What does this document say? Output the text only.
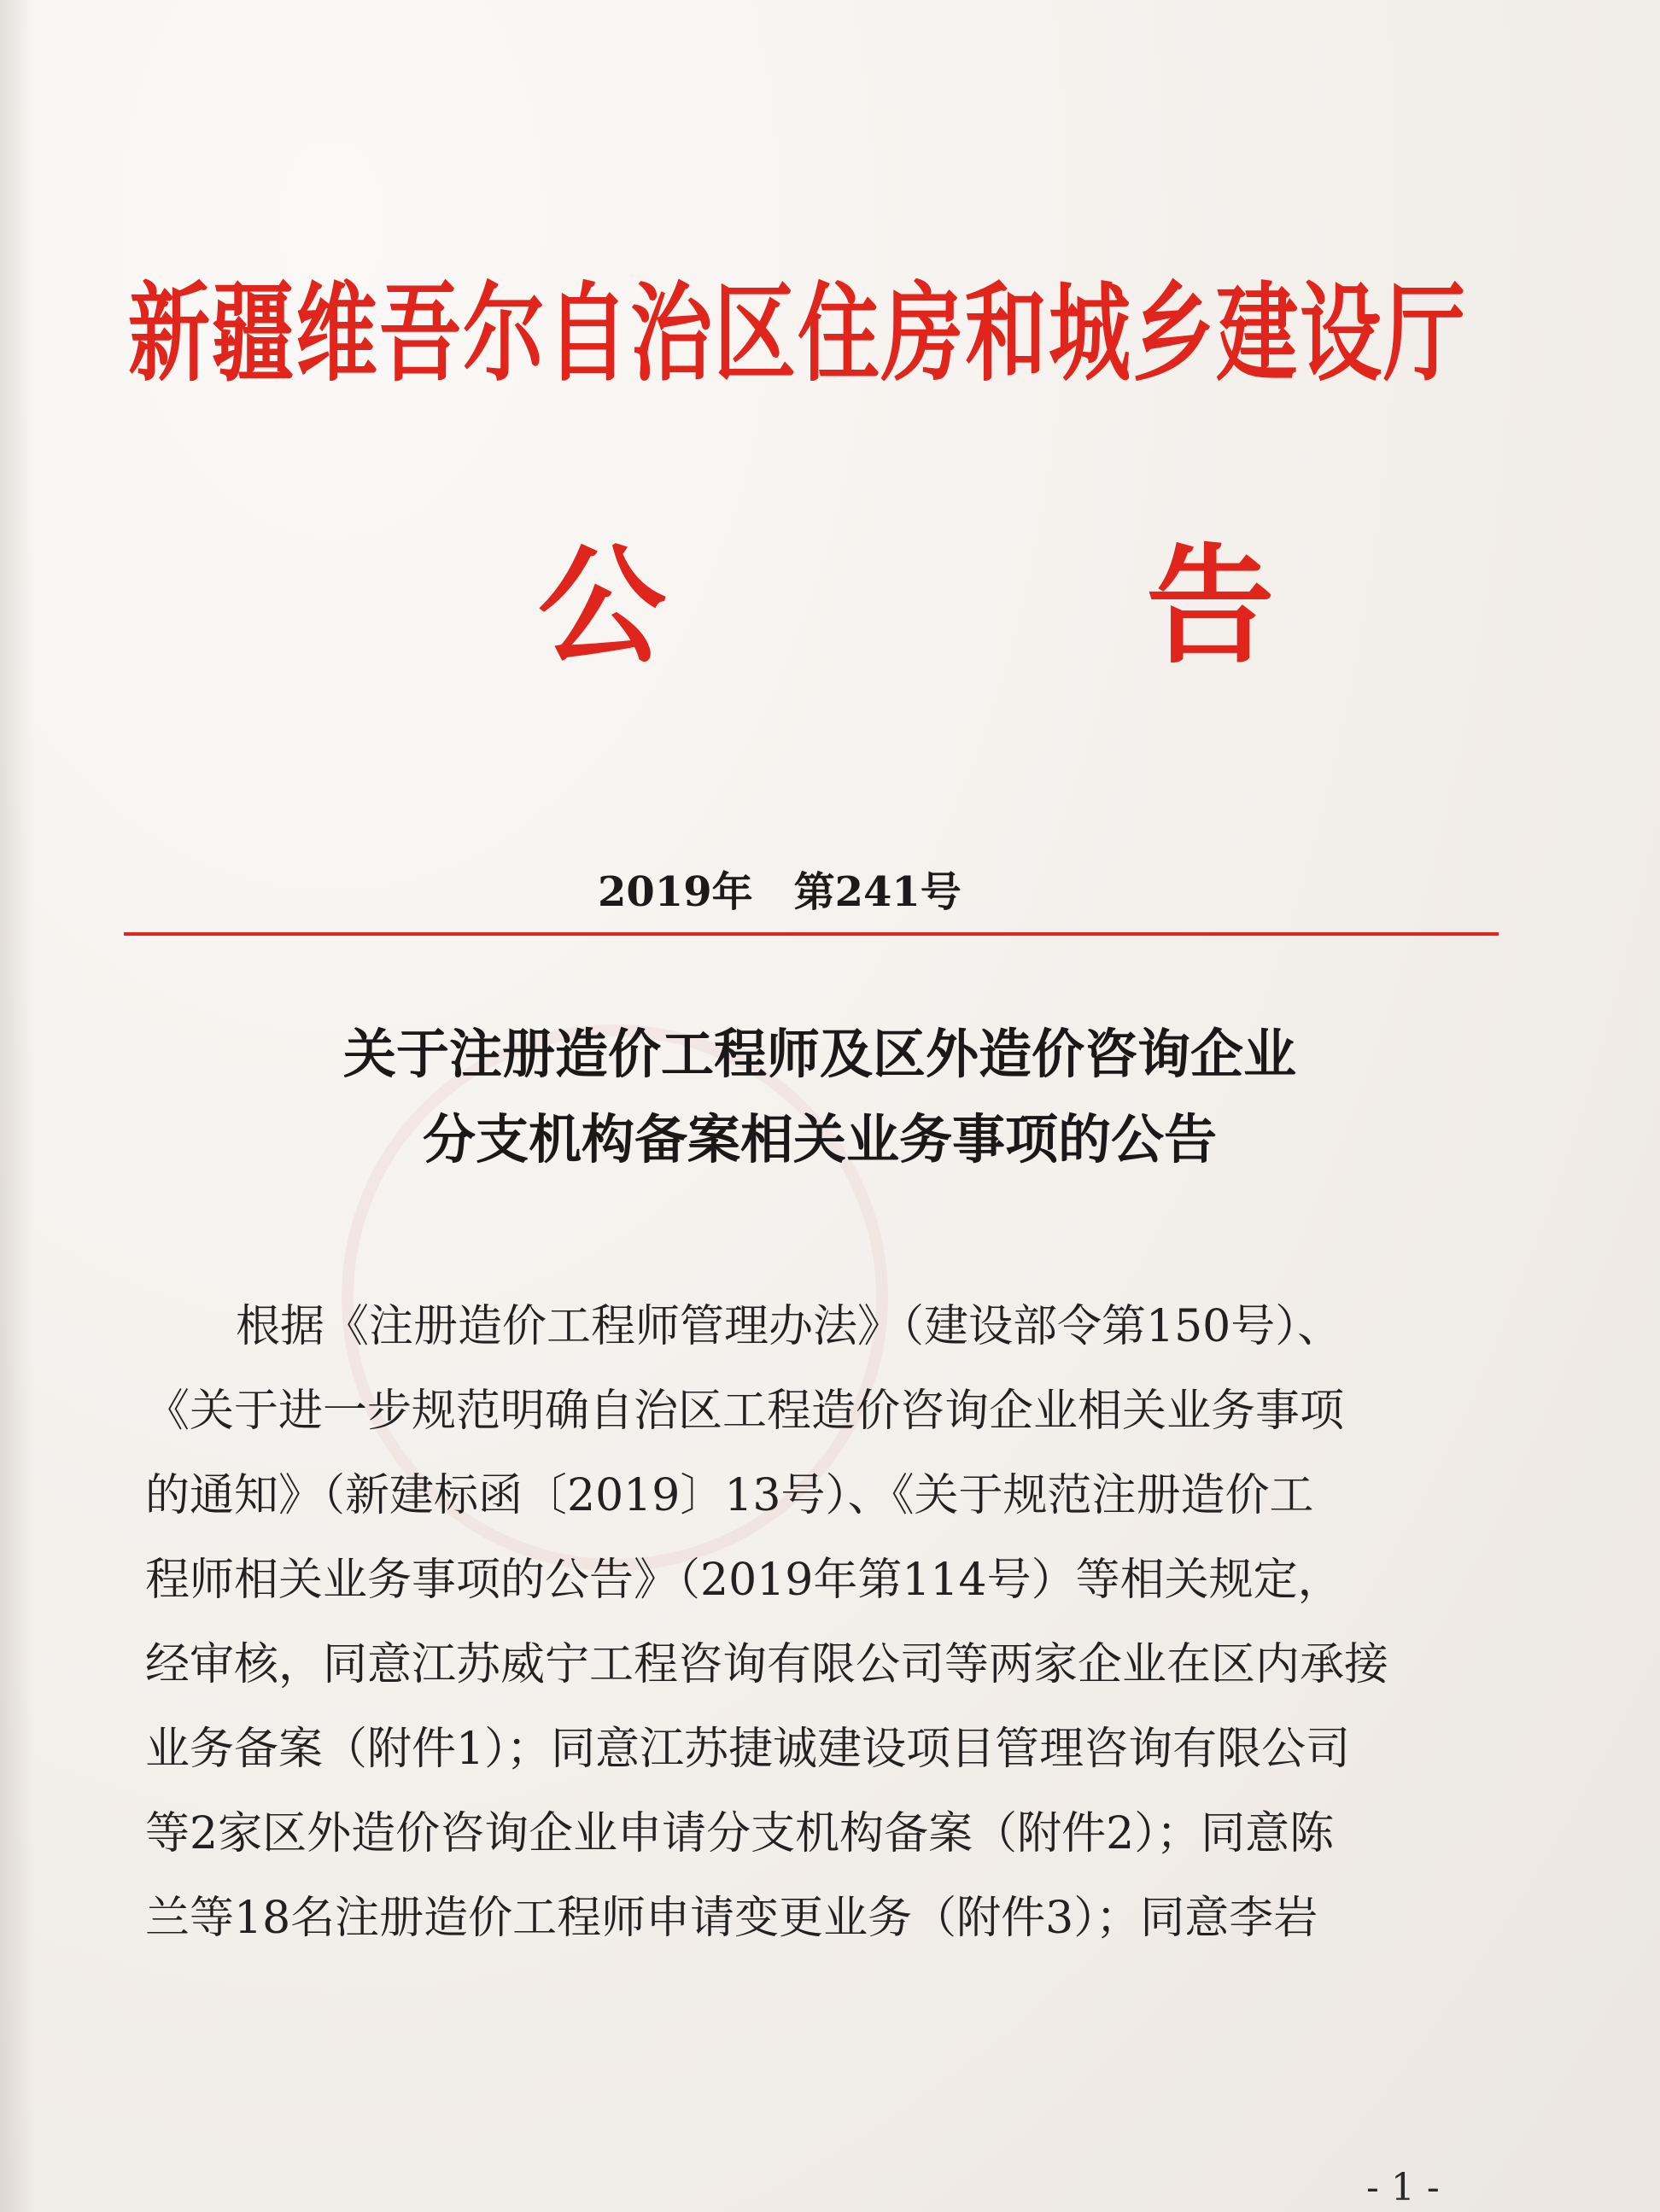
新疆维吾尔自治区住房和城乡建设厅
公 告
2019年　第241号
关于注册造价工程师及区外造价咨询企业
分支机构备案相关业务事项的公告
根据《注册造价工程师管理办法》（建设部令第150号）、
《关于进一步规范明确自治区工程造价咨询企业相关业务事项
的通知》（新建标函〔2019〕13号）、《关于规范注册造价工
程师相关业务事项的公告》（2019年第114号）等相关规定，
经审核，同意江苏威宁工程咨询有限公司等两家企业在区内承接
业务备案（附件1）；同意江苏捷诚建设项目管理咨询有限公司
等2家区外造价咨询企业申请分支机构备案（附件2）；同意陈
兰等18名注册造价工程师申请变更业务（附件3）；同意李岩
- 1 -
